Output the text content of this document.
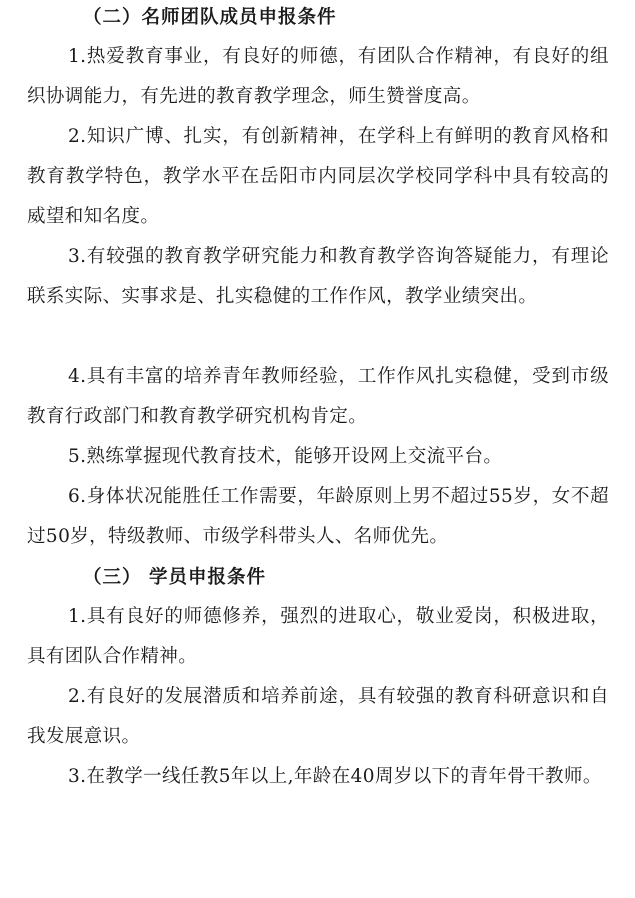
（二）名师团队成员申报条件

1.热爱教育事业，有良好的师德，有团队合作精神，有良好的组织协调能力，有先进的教育教学理念，师生赞誉度高。

2.知识广博、扎实，有创新精神，在学科上有鲜明的教育风格和教育教学特色，教学水平在岳阳市内同层次学校同学科中具有较高的威望和知名度。

3.有较强的教育教学研究能力和教育教学咨询答疑能力，有理论联系实际、实事求是、扎实稳健的工作作风，教学业绩突出。

4.具有丰富的培养青年教师经验，工作作风扎实稳健，受到市级教育行政部门和教育教学研究机构肯定。

5.熟练掌握现代教育技术，能够开设网上交流平台。

6.身体状况能胜任工作需要，年龄原则上男不超过55岁，女不超过50岁，特级教师、市级学科带头人、名师优先。

（三） 学员申报条件

1.具有良好的师德修养，强烈的进取心，敬业爱岗，积极进取，具有团队合作精神。

2.有良好的发展潜质和培养前途，具有较强的教育科研意识和自我发展意识。

3.在教学一线任教5年以上,年龄在40周岁以下的青年骨干教师。
